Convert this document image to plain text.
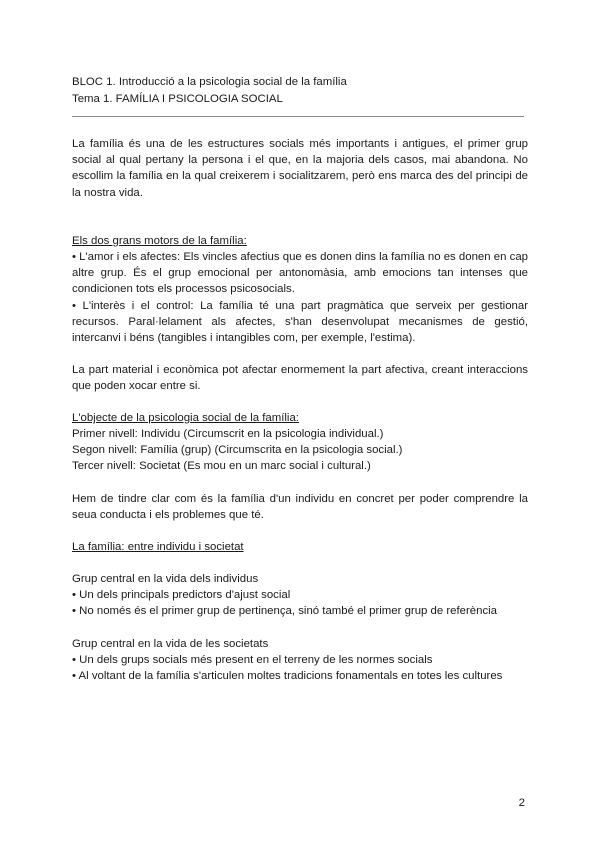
BLOC 1. Introducció a la psicologia social de la família
Tema 1. FAMÍLIA I PSICOLOGIA SOCIAL

La família és una de les estructures socials més importants i antigues, el primer grup social al qual pertany la persona i el que, en la majoria dels casos, mai abandona. No escollim la família en la qual creixerem i socialitzarem, però ens marca des del principi de la nostra vida.

Els dos grans motors de la família:

• L'amor i els afectes: Els vincles afectius que es donen dins la família no es donen en cap altre grup. És el grup emocional per antonomàsia, amb emocions tan intenses que condicionen tots els processos psicosocials.

• L'interès i el control: La família té una part pragmàtica que serveix per gestionar recursos. Paral·lelament als afectes, s'han desenvolupat mecanismes de gestió, intercanvi i béns (tangibles i intangibles com, per exemple, l'estima).

La part material i econòmica pot afectar enormement la part afectiva, creant interaccions que poden xocar entre si.

L'objecte de la psicologia social de la família:

Primer nivell: Individu (Circumscrit en la psicologia individual.)
Segon nivell: Família (grup) (Circumscrita en la psicologia social.)
Tercer nivell: Societat (Es mou en un marc social i cultural.)

Hem de tindre clar com és la família d'un individu en concret per poder comprendre la seua conducta i els problemes que té.

La família: entre individu i societat

Grup central en la vida dels individus
• Un dels principals predictors d'ajust social
• No només és el primer grup de pertinença, sinó també el primer grup de referència

Grup central en la vida de les societats
• Un dels grups socials més present en el terreny de les normes socials
• Al voltant de la família s'articulen moltes tradicions fonamentals en totes les cultures

2
